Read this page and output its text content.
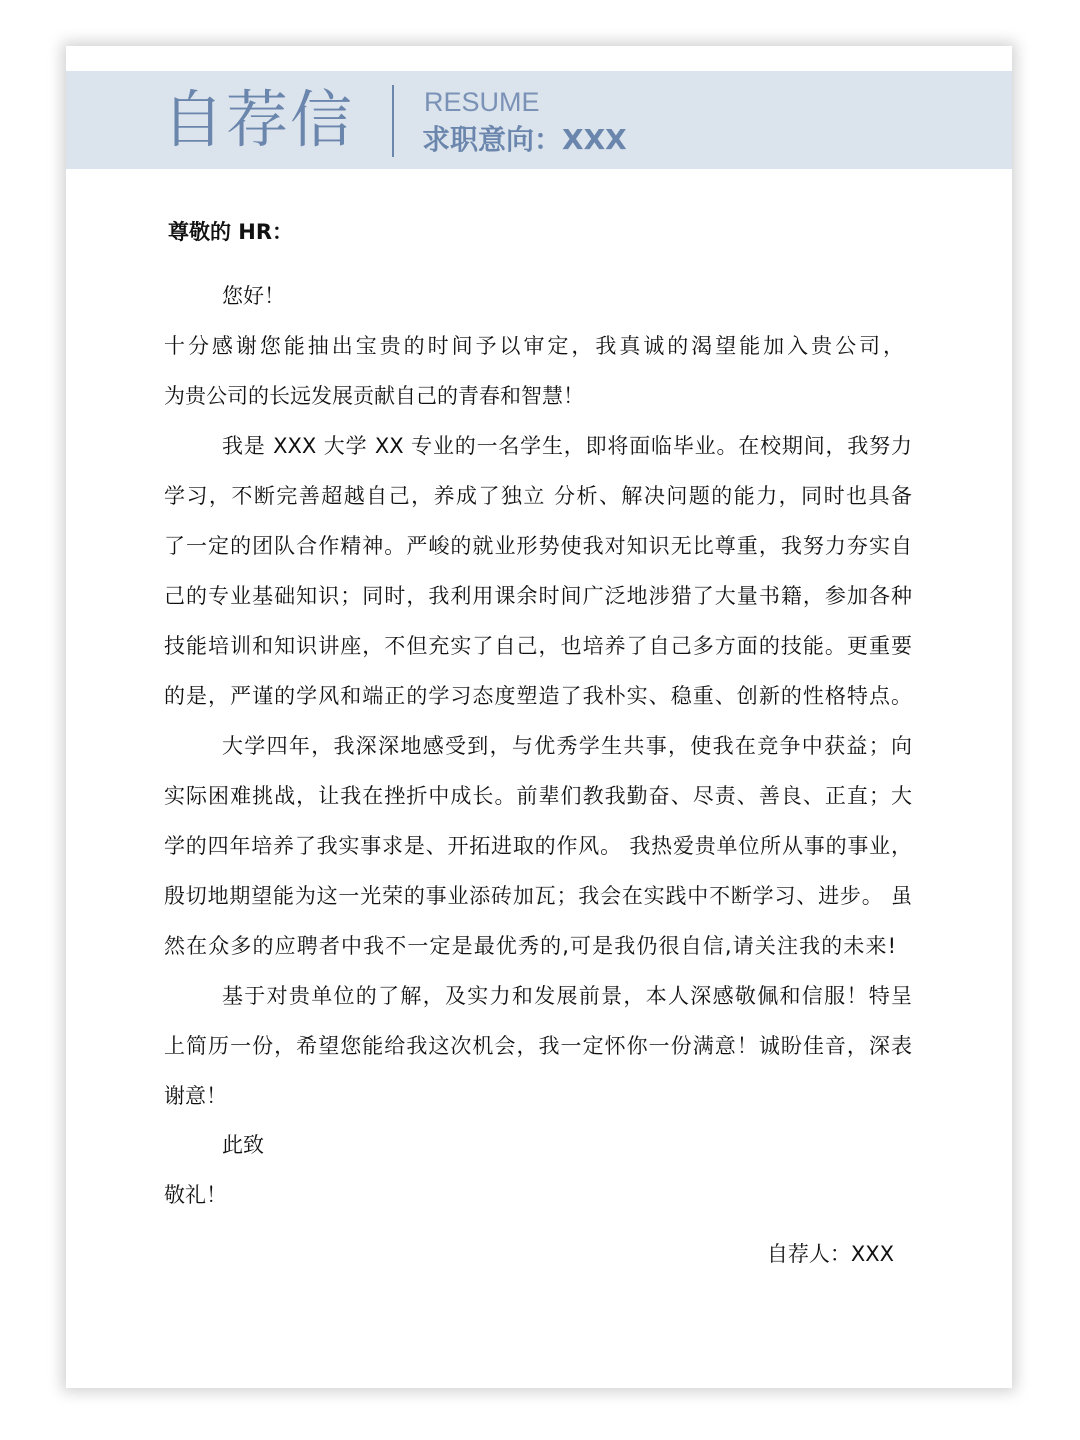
自荐信	RESUME
求职意向：XXX
尊敬的 HR：
您好！
十分感谢您能抽出宝贵的时间予以审定，我真诚的渴望能加入贵公司，
为贵公司的长远发展贡献自己的青春和智慧！
我是 XXX 大学 XX 专业的一名学生，即将面临毕业。在校期间，我努力
学习，不断完善超越自己，养成了独立 分析、解决问题的能力，同时也具备
了一定的团队合作精神。严峻的就业形势使我对知识无比尊重，我努力夯实自
己的专业基础知识；同时，我利用课余时间广泛地涉猎了大量书籍，参加各种
技能培训和知识讲座，不但充实了自己，也培养了自己多方面的技能。更重要
的是，严谨的学风和端正的学习态度塑造了我朴实、稳重、创新的性格特点。
大学四年，我深深地感受到，与优秀学生共事，使我在竞争中获益；向
实际困难挑战，让我在挫折中成长。前辈们教我勤奋、尽责、善良、正直；大
学的四年培养了我实事求是、开拓进取的作风。 我热爱贵单位所从事的事业，
殷切地期望能为这一光荣的事业添砖加瓦；我会在实践中不断学习、进步。 虽
然在众多的应聘者中我不一定是最优秀的,可是我仍很自信,请关注我的未来!
基于对贵单位的了解，及实力和发展前景，本人深感敬佩和信服！特呈
上简历一份，希望您能给我这次机会，我一定怀你一份满意！诚盼佳音，深表
谢意！
此致
敬礼！
自荐人：XXX
